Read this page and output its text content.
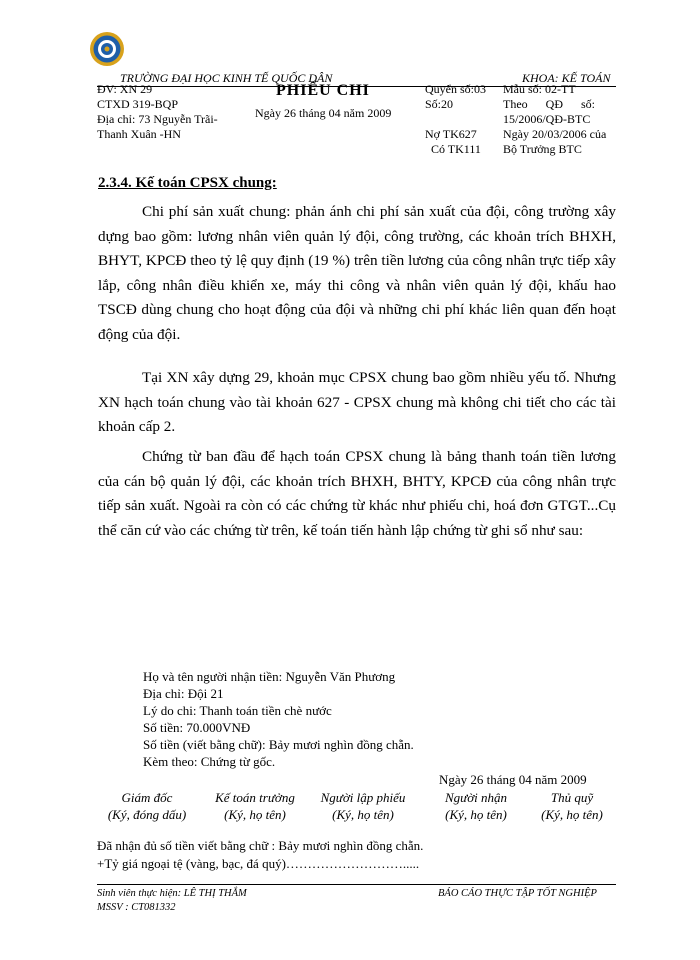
TRƯỜNG ĐẠI HỌC KINH TẾ QUỐC DÂN	KHOA: KẾ TOÁN
ĐV: XN 29
CTXD 319-BQP
Địa chỉ: 73 Nguyễn Trãi-
Thanh Xuân -HN
PHIẾU CHI
Ngày 26 tháng 04 năm 2009
Quyển số:03
Số:20
Nợ TK627
Có TK111
Mẫu số: 02-TT
Theo      QĐ      số:
15/2006/QĐ-BTC
Ngày 20/03/2006 của
Bộ Trưởng BTC
2.3.4. Kế toán CPSX chung:
Chi phí sản xuất chung: phản ánh chi phí sản xuất của đội, công trường xây dựng bao gồm: lương nhân viên quản lý đội, công trường, các khoản trích BHXH, BHYT, KPCĐ theo tỷ lệ quy định (19 %) trên tiền lương của công nhân trực tiếp xây lắp, công nhân điều khiển xe, máy thi công và nhân viên quản lý đội, khấu hao TSCĐ dùng chung cho hoạt động của đội và những chi phí khác liên quan đến hoạt động của đội.
Tại XN xây dựng 29, khoản mục CPSX chung bao gồm nhiều yếu tố. Nhưng XN hạch toán chung vào tài khoản 627 - CPSX chung mà không chi tiết cho các tài khoản cấp 2.
Chứng từ ban đầu để hạch toán CPSX chung là bảng thanh toán tiền lương của cán bộ quản lý đội, các khoản trích BHXH, BHTY, KPCĐ của công nhân trực tiếp sản xuất. Ngoài ra còn có các chứng từ khác như phiếu chi, hoá đơn GTGT...Cụ thể căn cứ vào các chứng từ trên, kế toán tiến hành lập chứng từ ghi sổ như sau:
Họ và tên người nhận tiền: Nguyễn Văn Phương
Địa chỉ: Đội 21
Lý do chi: Thanh toán tiền chè nước
Số tiền: 70.000VNĐ
Số tiền (viết bằng chữ): Bảy mươi nghìn đồng chẵn.
Kèm theo: Chứng từ gốc.
Ngày 26 tháng 04 năm 2009
Giám đốc
(Ký, đóng dấu)
Kế toán trưởng
(Ký, họ tên)
Người lập phiếu
(Ký, họ tên)
Người nhận
(Ký, họ tên)
Thủ quỹ
(Ký, họ tên)
Đã nhận đủ số tiền viết bằng chữ : Bảy mươi nghìn đồng chẵn.
+Tỷ giá ngoại tệ (vàng, bạc, đá quý)……………………….....
Sinh viên thực hiện: LÊ THỊ THẮM
MSSV : CT081332
BÁO CÁO THỰC TẬP TỐT NGHIỆP
